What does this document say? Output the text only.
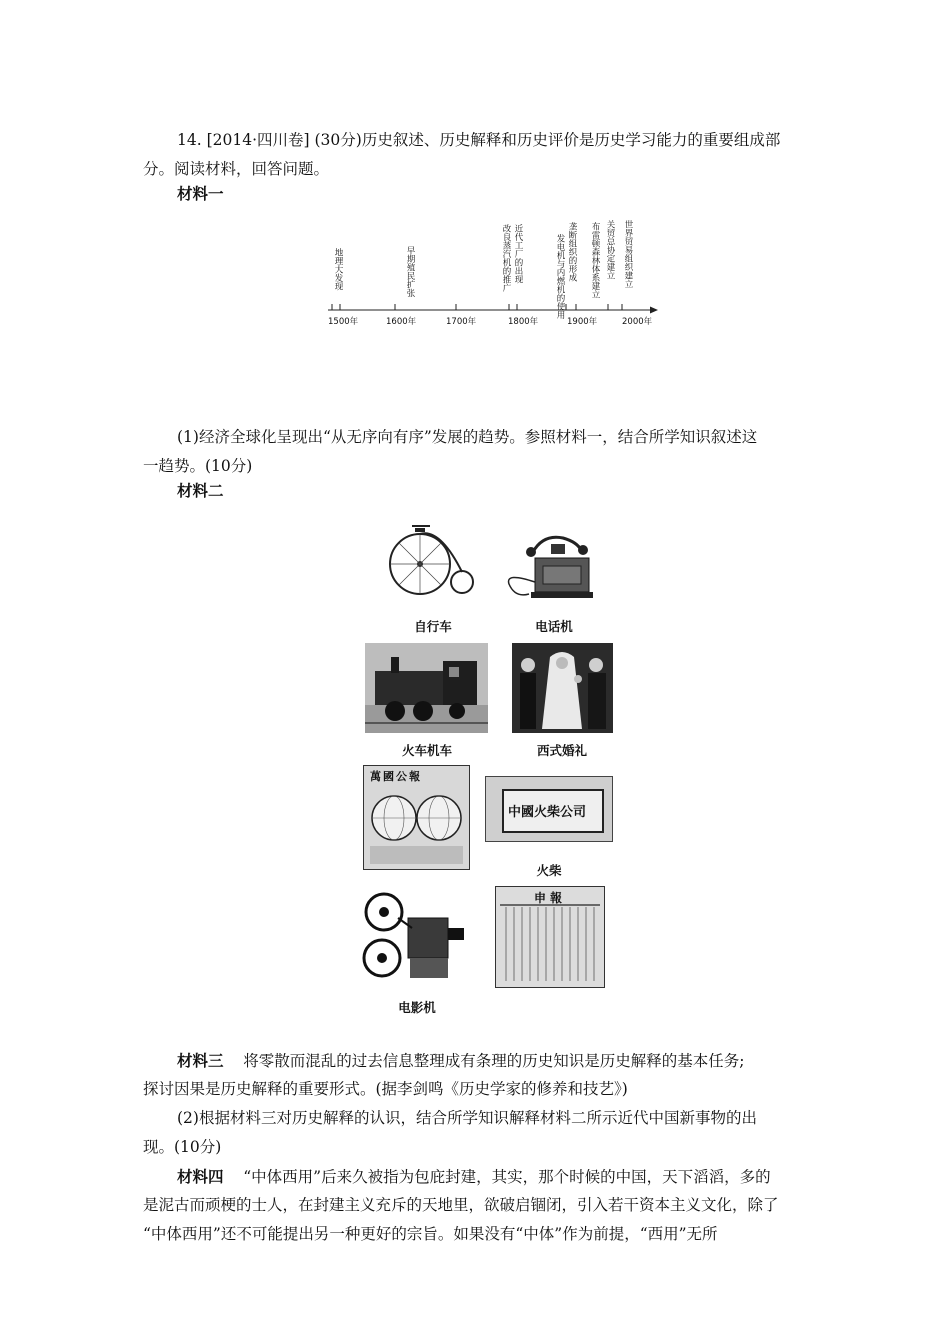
14. [2014·四川卷] (30分)历史叙述、历史解释和历史评价是历史学习能力的重要组成部

分。阅读材料，回答问题。

材料一
1500年	1600年	1700年	1800年	1900年	2000年
地理大发现	早期殖民扩张	改良蒸汽机的推广 近代工厂的出现	发电机与内燃机的使用 垄断组织的形成 布雷顿森林体系建立 关贸总协定建立 世界贸易组织建立

(1)经济全球化呈现出“从无序向有序”发展的趋势。参照材料一，结合所学知识叙述这

一趋势。(10分)

材料二
自行车	电话机
火车机车	西式婚礼
萬國公報
中國火柴公司
火柴
电影机
申報

材料三 将零散而混乱的过去信息整理成有条理的历史知识是历史解释的基本任务;

探讨因果是历史解释的重要形式。(据李剑鸣《历史学家的修养和技艺》)

(2)根据材料三对历史解释的认识，结合所学知识解释材料二所示近代中国新事物的出

现。(10分)

材料四 “中体西用”后来久被指为包庇封建，其实，那个时候的中国，天下滔滔，多的

是泥古而顽梗的士人，在封建主义充斥的天地里，欲破启锢闭，引入若干资本主义文化，除了

“中体西用”还不可能提出另一种更好的宗旨。如果没有“中体”作为前提，“西用”无所
